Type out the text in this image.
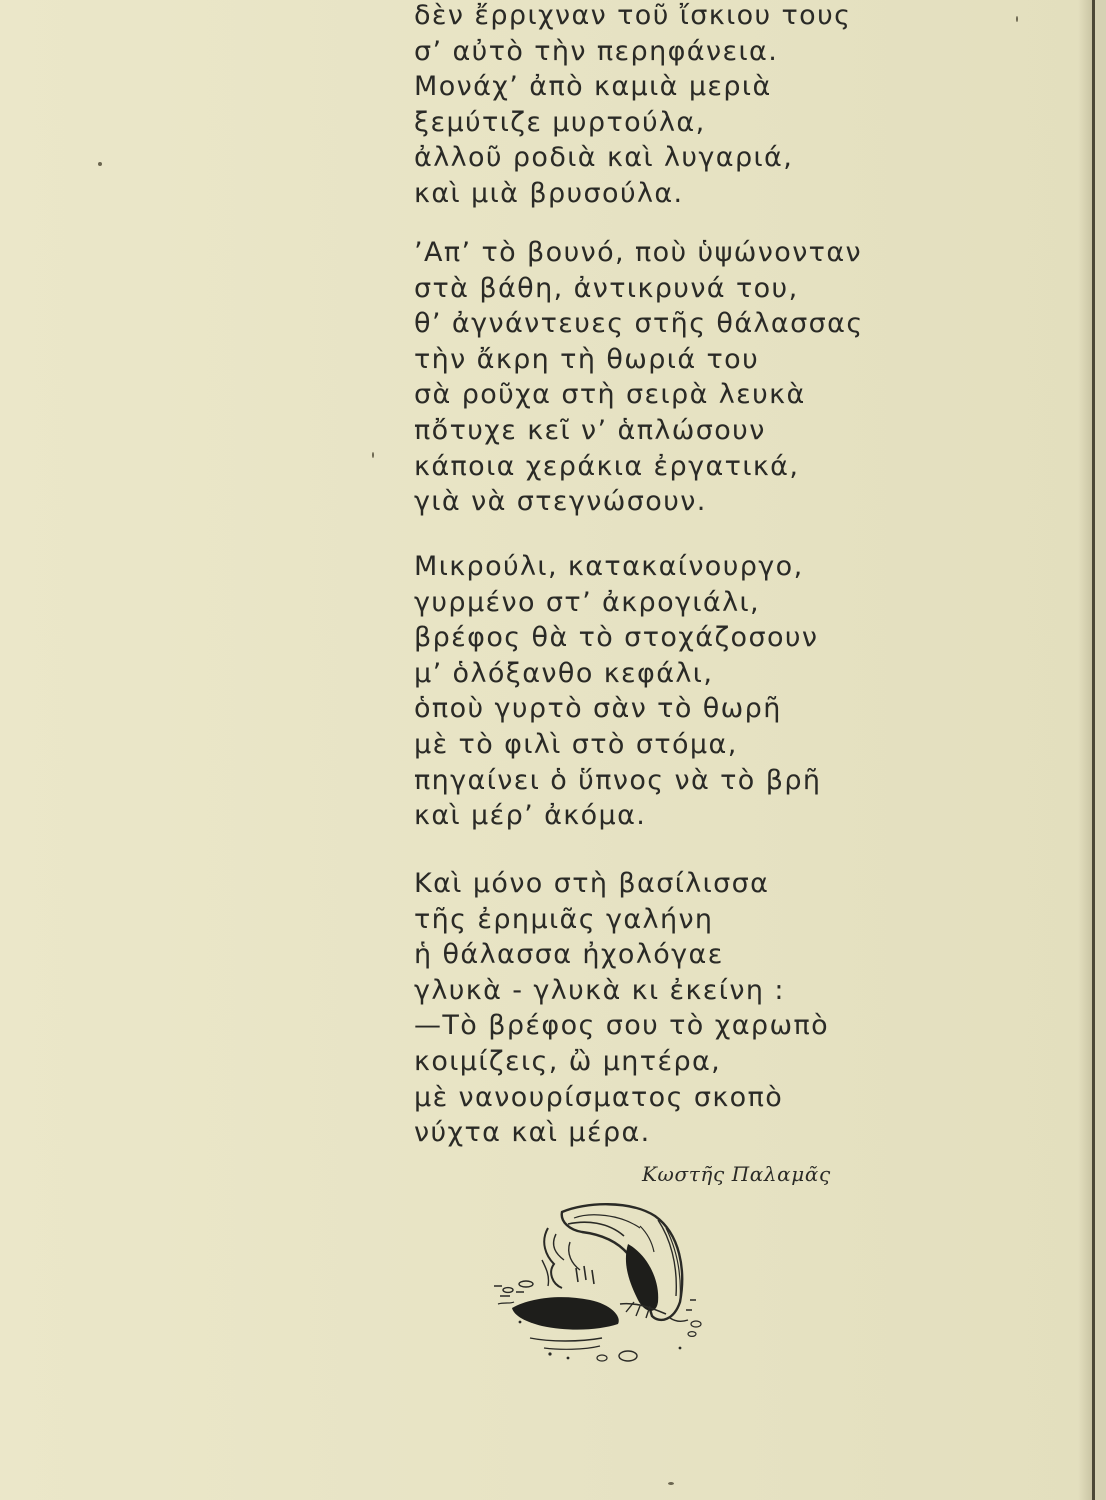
δὲν ἔρριχναν τοῦ ἴσκιου τους
σ’ αὐτὸ τὴν περηφάνεια.
Μονάχ’ ἀπὸ καμιὰ μεριὰ
ξεμύτιζε μυρτούλα,
ἀλλοῦ ροδιὰ καὶ λυγαριά,
καὶ μιὰ βρυσούλα.
’Απ’ τὸ βουνό, ποὺ ὑψώνονταν
στὰ βάθη, ἀντικρυνά του,
θ’ ἀγνάντευες στῆς θάλασσας
τὴν ἄκρη τὴ θωριά του
σὰ ροῦχα στὴ σειρὰ λευκὰ
πὄτυχε κεῖ ν’ ἁπλώσουν
κάποια χεράκια ἐργατικά,
γιὰ νὰ στεγνώσουν.
Μικρούλι, κατακαίνουργο,
γυρμένο στ’ ἀκρογιάλι,
βρέφος θὰ τὸ στοχάζοσουν
μ’ ὁλόξανθο κεφάλι,
ὁποὺ γυρτὸ σὰν τὸ θωρῆ
μὲ τὸ φιλὶ στὸ στόμα,
πηγαίνει ὁ ὕπνος νὰ τὸ βρῆ
καὶ μέρ’ ἀκόμα.
Καὶ μόνο στὴ βασίλισσα
τῆς ἐρημιᾶς γαλήνη
ἡ θάλασσα ἠχολόγαε
γλυκὰ - γλυκὰ κι ἐκείνη :
—Τὸ βρέφος σου τὸ χαρωπὸ
κοιμίζεις, ὢ μητέρα,
μὲ νανουρίσματος σκοπὸ
νύχτα καὶ μέρα.
Κωστῆς Παλαμᾶς
